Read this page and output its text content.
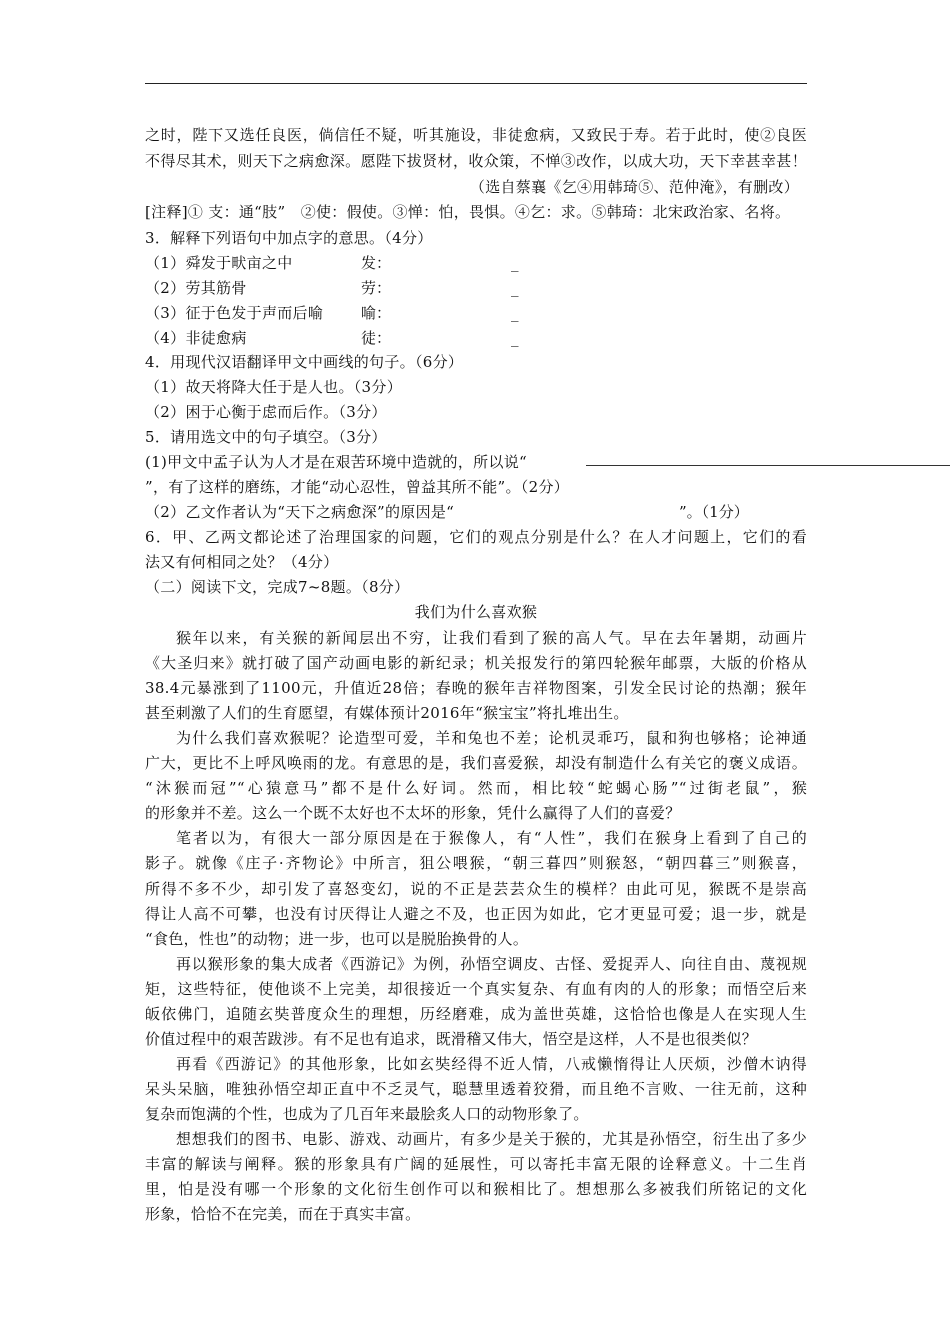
之时，陛下又选任良医，倘信任不疑，听其施设，非徒愈病，又致民于寿。若于此时，使②良医
不得尽其术，则天下之病愈深。愿陛下拔贤材，收众策，不惮③改作，以成大功，天下幸甚幸甚！
（选自蔡襄《乞④用韩琦⑤、范仲淹》，有删改）
[注释]① 支：通“肢”　②使：假使。③惮：怕，畏惧。④乞：求。⑤韩琦：北宋政治家、名将。
3．解释下列语句中加点字的意思。（4分）
（1）舜发于畎亩之中	发：	_
（2）劳其筋骨	劳：	_
（3）征于色发于声而后喻	喻：	_
（4）非徒愈病	徒：	_
4．用现代汉语翻译甲文中画线的句子。（6分）
（1）故天将降大任于是人也。（3分）
（2）困于心衡于虑而后作。（3分）
5．请用选文中的句子填空。（3分）
(1)甲文中孟子认为人才是在艰苦环境中造就的，所以说“
”，有了这样的磨练，才能“动心忍性，曾益其所不能”。（2分）
（2）乙文作者认为“天下之病愈深”的原因是“	”。（1分）
6．甲、乙两文都论述了治理国家的问题，它们的观点分别是什么？在人才问题上，它们的看
法又有何相同之处？（4分）
（二）阅读下文，完成7~8题。（8分）
我们为什么喜欢猴
猴年以来，有关猴的新闻层出不穷，让我们看到了猴的高人气。早在去年暑期，动画片
《大圣归来》就打破了国产动画电影的新纪录；机关报发行的第四轮猴年邮票，大版的价格从
38.4元暴涨到了1100元，升值近28倍；春晚的猴年吉祥物图案，引发全民讨论的热潮；猴年
甚至刺激了人们的生育愿望，有媒体预计2016年“猴宝宝”将扎堆出生。
为什么我们喜欢猴呢？论造型可爱，羊和兔也不差；论机灵乖巧，鼠和狗也够格；论神通
广大，更比不上呼风唤雨的龙。有意思的是，我们喜爱猴，却没有制造什么有关它的褒义成语。
“沐猴而冠”“心猿意马”都不是什么好词。然而，相比较“蛇蝎心肠”“过街老鼠”，猴
的形象并不差。这么一个既不太好也不太坏的形象，凭什么赢得了人们的喜爱？
笔者以为，有很大一部分原因是在于猴像人，有“人性”，我们在猴身上看到了自己的
影子。就像《庄子·齐物论》中所言，狙公喂猴，“朝三暮四”则猴怒，“朝四暮三”则猴喜，
所得不多不少，却引发了喜怒变幻，说的不正是芸芸众生的模样？由此可见，猴既不是崇高
得让人高不可攀，也没有讨厌得让人避之不及，也正因为如此，它才更显可爱；退一步，就是
“食色，性也”的动物；进一步，也可以是脱胎换骨的人。
再以猴形象的集大成者《西游记》为例，孙悟空调皮、古怪、爱捉弄人、向往自由、蔑视规
矩，这些特征，使他谈不上完美，却很接近一个真实复杂、有血有肉的人的形象；而悟空后来
皈依佛门，追随玄奘普度众生的理想，历经磨难，成为盖世英雄，这恰恰也像是人在实现人生
价值过程中的艰苦跋涉。有不足也有追求，既滑稽又伟大，悟空是这样，人不是也很类似？
再看《西游记》的其他形象，比如玄奘经得不近人情，八戒懒惰得让人厌烦，沙僧木讷得
呆头呆脑，唯独孙悟空却正直中不乏灵气，聪慧里透着狡猾，而且绝不言败、一往无前，这种
复杂而饱满的个性，也成为了几百年来最脍炙人口的动物形象了。
想想我们的图书、电影、游戏、动画片，有多少是关于猴的，尤其是孙悟空，衍生出了多少
丰富的解读与阐释。猴的形象具有广阔的延展性，可以寄托丰富无限的诠释意义。十二生肖
里，怕是没有哪一个形象的文化衍生创作可以和猴相比了。想想那么多被我们所铭记的文化
形象，恰恰不在完美，而在于真实丰富。
